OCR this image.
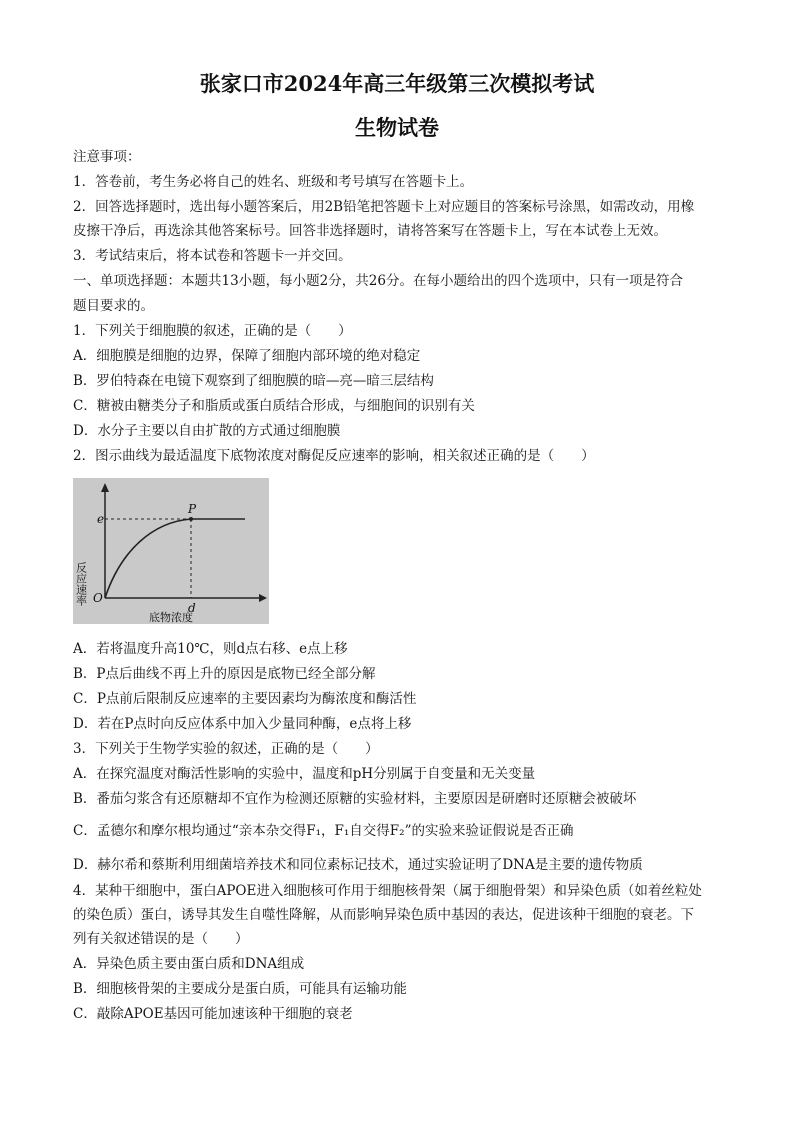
张家口市2024年高三年级第三次模拟考试
生物试卷
注意事项：
1．答卷前，考生务必将自己的姓名、班级和考号填写在答题卡上。
2．回答选择题时，选出每小题答案后，用2B铅笔把答题卡上对应题目的答案标号涂黑，如需改动，用橡
皮擦干净后，再选涂其他答案标号。回答非选择题时，请将答案写在答题卡上，写在本试卷上无效。
3．考试结束后，将本试卷和答题卡一并交回。
一、单项选择题：本题共13小题，每小题2分，共26分。在每小题给出的四个选项中，只有一项是符合
题目要求的。
1．下列关于细胞膜的叙述，正确的是（　　）
A．细胞膜是细胞的边界，保障了细胞内部环境的绝对稳定
B．罗伯特森在电镜下观察到了细胞膜的暗—亮—暗三层结构
C．糖被由糖类分子和脂质或蛋白质结合形成，与细胞间的识别有关
D．水分子主要以自由扩散的方式通过细胞膜
2．图示曲线为最适温度下底物浓度对酶促反应速率的影响，相关叙述正确的是（　　）
P
e
d
O
底物浓度
反应速率
A．若将温度升高10℃，则d点右移、e点上移
B．P点后曲线不再上升的原因是底物已经全部分解
C．P点前后限制反应速率的主要因素均为酶浓度和酶活性
D．若在P点时向反应体系中加入少量同种酶，e点将上移
3．下列关于生物学实验的叙述，正确的是（　　）
A．在探究温度对酶活性影响的实验中，温度和pH分别属于自变量和无关变量
B．番茄匀浆含有还原糖却不宜作为检测还原糖的实验材料，主要原因是研磨时还原糖会被破坏
C．孟德尔和摩尔根均通过“亲本杂交得F₁，F₁自交得F₂”的实验来验证假说是否正确
D．赫尔希和蔡斯利用细菌培养技术和同位素标记技术，通过实验证明了DNA是主要的遗传物质
4．某种干细胞中，蛋白APOE进入细胞核可作用于细胞核骨架（属于细胞骨架）和异染色质（如着丝粒处
的染色质）蛋白，诱导其发生自噬性降解，从而影响异染色质中基因的表达，促进该种干细胞的衰老。下
列有关叙述错误的是（　　）
A．异染色质主要由蛋白质和DNA组成
B．细胞核骨架的主要成分是蛋白质，可能具有运输功能
C．敲除APOE基因可能加速该种干细胞的衰老
